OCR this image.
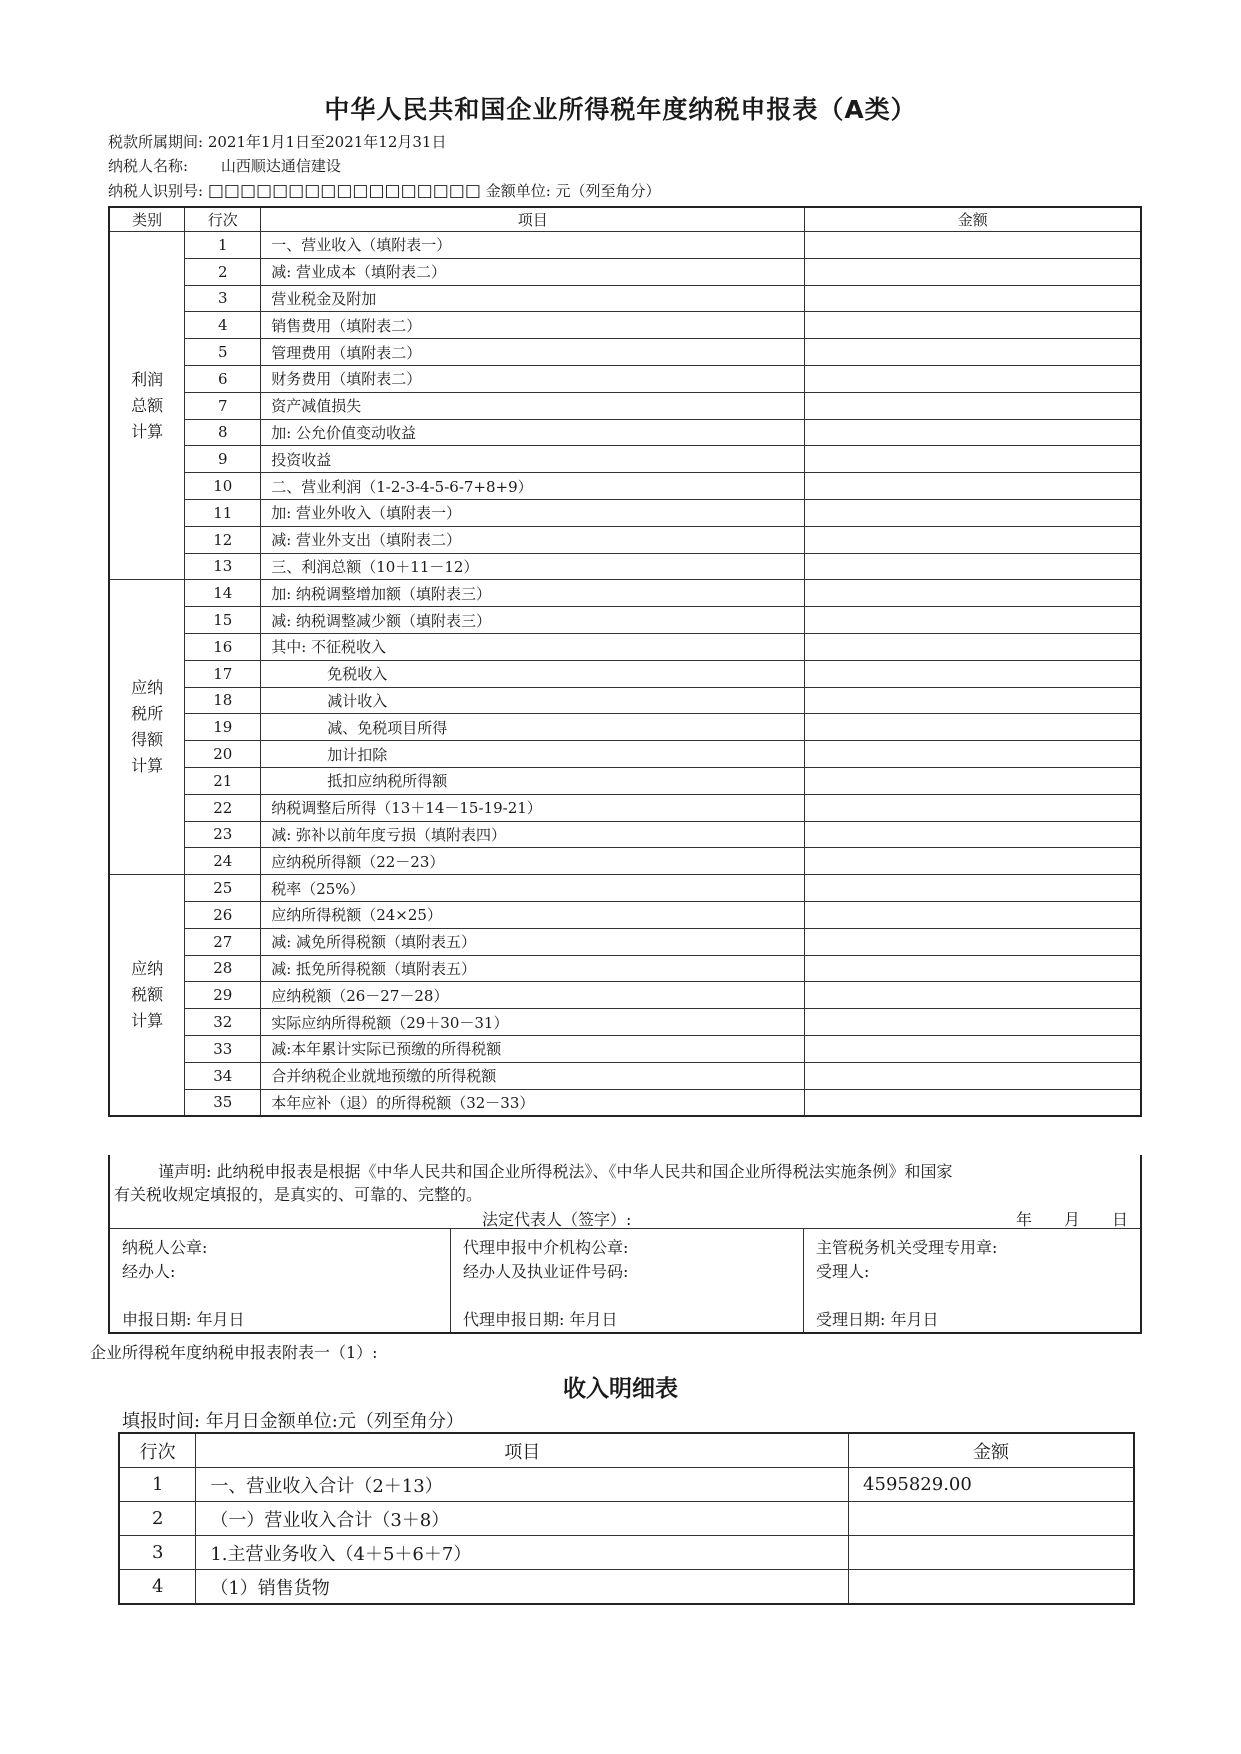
中华人民共和国企业所得税年度纳税申报表（A类）
税款所属期间: 2021年1月1日至2021年12月31日
纳税人名称: 山西顺达通信建设
纳税人识别号: □□□□□□□□□□□□□□□□□ 金额单位: 元（列至角分）
类别	行次	项目	金额
利润
总额
计算	1	一、营业收入（填附表一）	
	2	减: 营业成本（填附表二）	
	3	营业税金及附加	
	4	销售费用（填附表二）	
	5	管理费用（填附表二）	
	6	财务费用（填附表二）	
	7	资产减值损失	
	8	加: 公允价值变动收益	
	9	投资收益	
	10	二、营业利润（1-2-3-4-5-6-7+8+9）	
	11	加: 营业外收入（填附表一）	
	12	减: 营业外支出（填附表二）	
	13	三、利润总额（10＋11－12）	
应纳
税所
得额
计算	14	加: 纳税调整增加额（填附表三）	
	15	减: 纳税调整减少额（填附表三）	
	16	其中: 不征税收入	
	17	免税收入	
	18	减计收入	
	19	减、免税项目所得	
	20	加计扣除	
	21	抵扣应纳税所得额	
	22	纳税调整后所得（13＋14－15-19-21）	
	23	减: 弥补以前年度亏损（填附表四）	
	24	应纳税所得额（22－23）	
应纳
税额
计算	25	税率（25%）	
	26	应纳所得税额（24×25）	
	27	减: 减免所得税额（填附表五）	
	28	减: 抵免所得税额（填附表五）	
	29	应纳税额（26－27－28）	
	32	实际应纳所得税额（29＋30－31）	
	33	减:本年累计实际已预缴的所得税额	
	34	合并纳税企业就地预缴的所得税额	
	35	本年应补（退）的所得税额（32－33）	
谨声明: 此纳税申报表是根据《中华人民共和国企业所得税法》、《中华人民共和国企业所得税法实施条例》和国家
有关税收规定填报的，是真实的、可靠的、完整的。
法定代表人（签字）:	年　　月　　日
纳税人公章:
经办人:
申报日期: 年月日
代理申报中介机构公章:
经办人及执业证件号码:
代理申报日期: 年月日
主管税务机关受理专用章:
受理人:
受理日期: 年月日
企业所得税年度纳税申报表附表一（1）:
收入明细表
填报时间: 年月日金额单位:元（列至角分）
行次	项目	金额
1	一、营业收入合计（2＋13）	4595829.00
2	（一）营业收入合计（3＋8）	
3	1.主营业务收入（4＋5＋6＋7）	
4	（1）销售货物	
